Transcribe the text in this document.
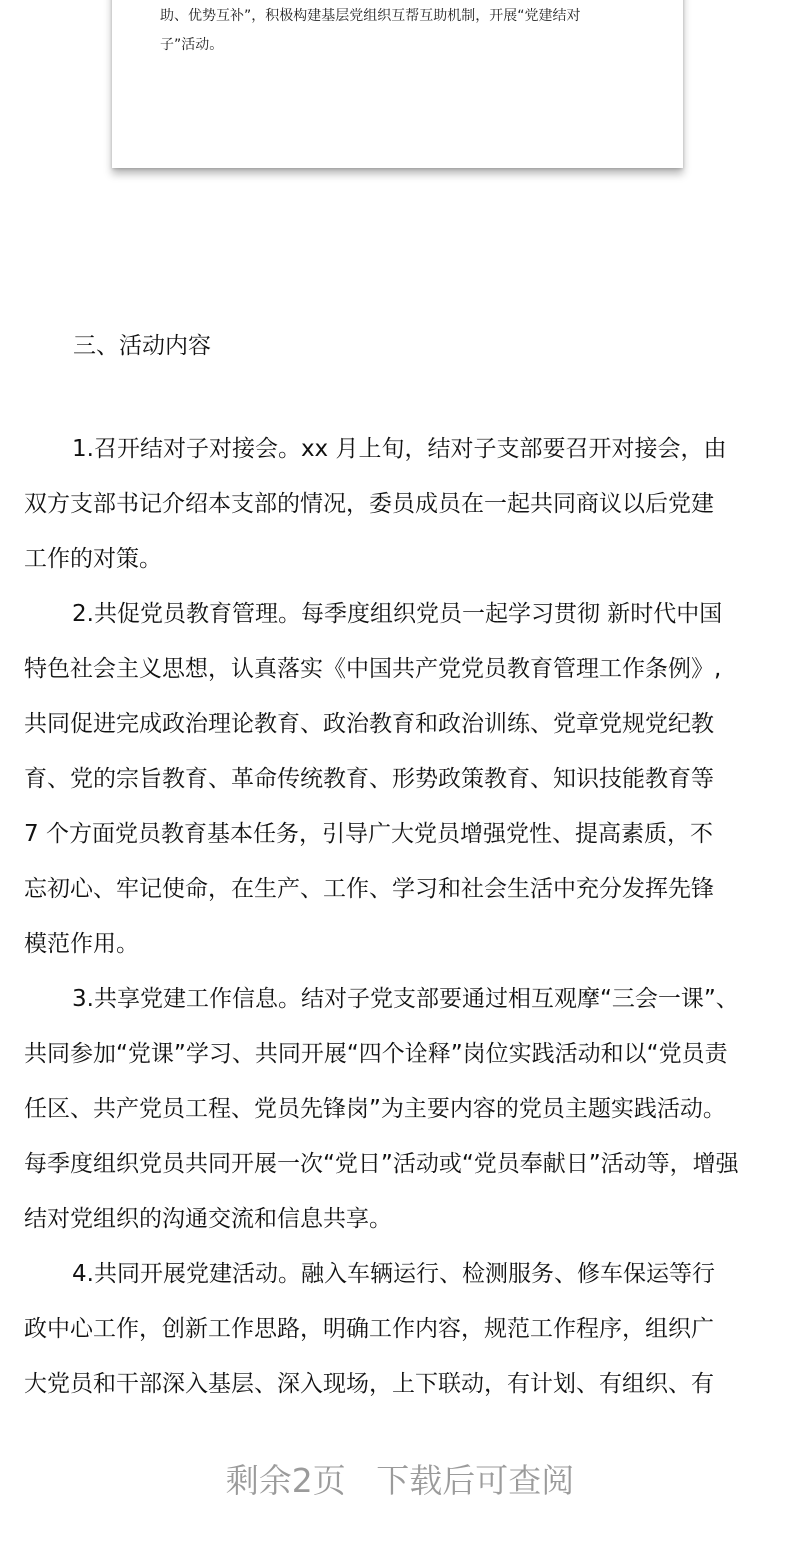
助、优势互补”，积极构建基层党组织互帮互助机制，开展“党建结对
子”活动。
三、活动内容
1.召开结对子对接会。xx 月上旬，结对子支部要召开对接会，由
双方支部书记介绍本支部的情况，委员成员在一起共同商议以后党建
工作的对策。
2.共促党员教育管理。每季度组织党员一起学习贯彻 新时代中国
特色社会主义思想，认真落实《中国共产党党员教育管理工作条例》,
共同促进完成政治理论教育、政治教育和政治训练、党章党规党纪教
育、党的宗旨教育、革命传统教育、形势政策教育、知识技能教育等
7 个方面党员教育基本任务，引导广大党员增强党性、提高素质，不
忘初心、牢记使命，在生产、工作、学习和社会生活中充分发挥先锋
模范作用。
3.共享党建工作信息。结对子党支部要通过相互观摩“三会一课”、
共同参加“党课”学习、共同开展“四个诠释”岗位实践活动和以“党员责
任区、共产党员工程、党员先锋岗”为主要内容的党员主题实践活动。
每季度组织党员共同开展一次“党日”活动或“党员奉献日”活动等，增强
结对党组织的沟通交流和信息共享。
4.共同开展党建活动。融入车辆运行、检测服务、修车保运等行
政中心工作，创新工作思路，明确工作内容，规范工作程序，组织广
大党员和干部深入基层、深入现场，上下联动，有计划、有组织、有
剩余2页 下载后可查阅
